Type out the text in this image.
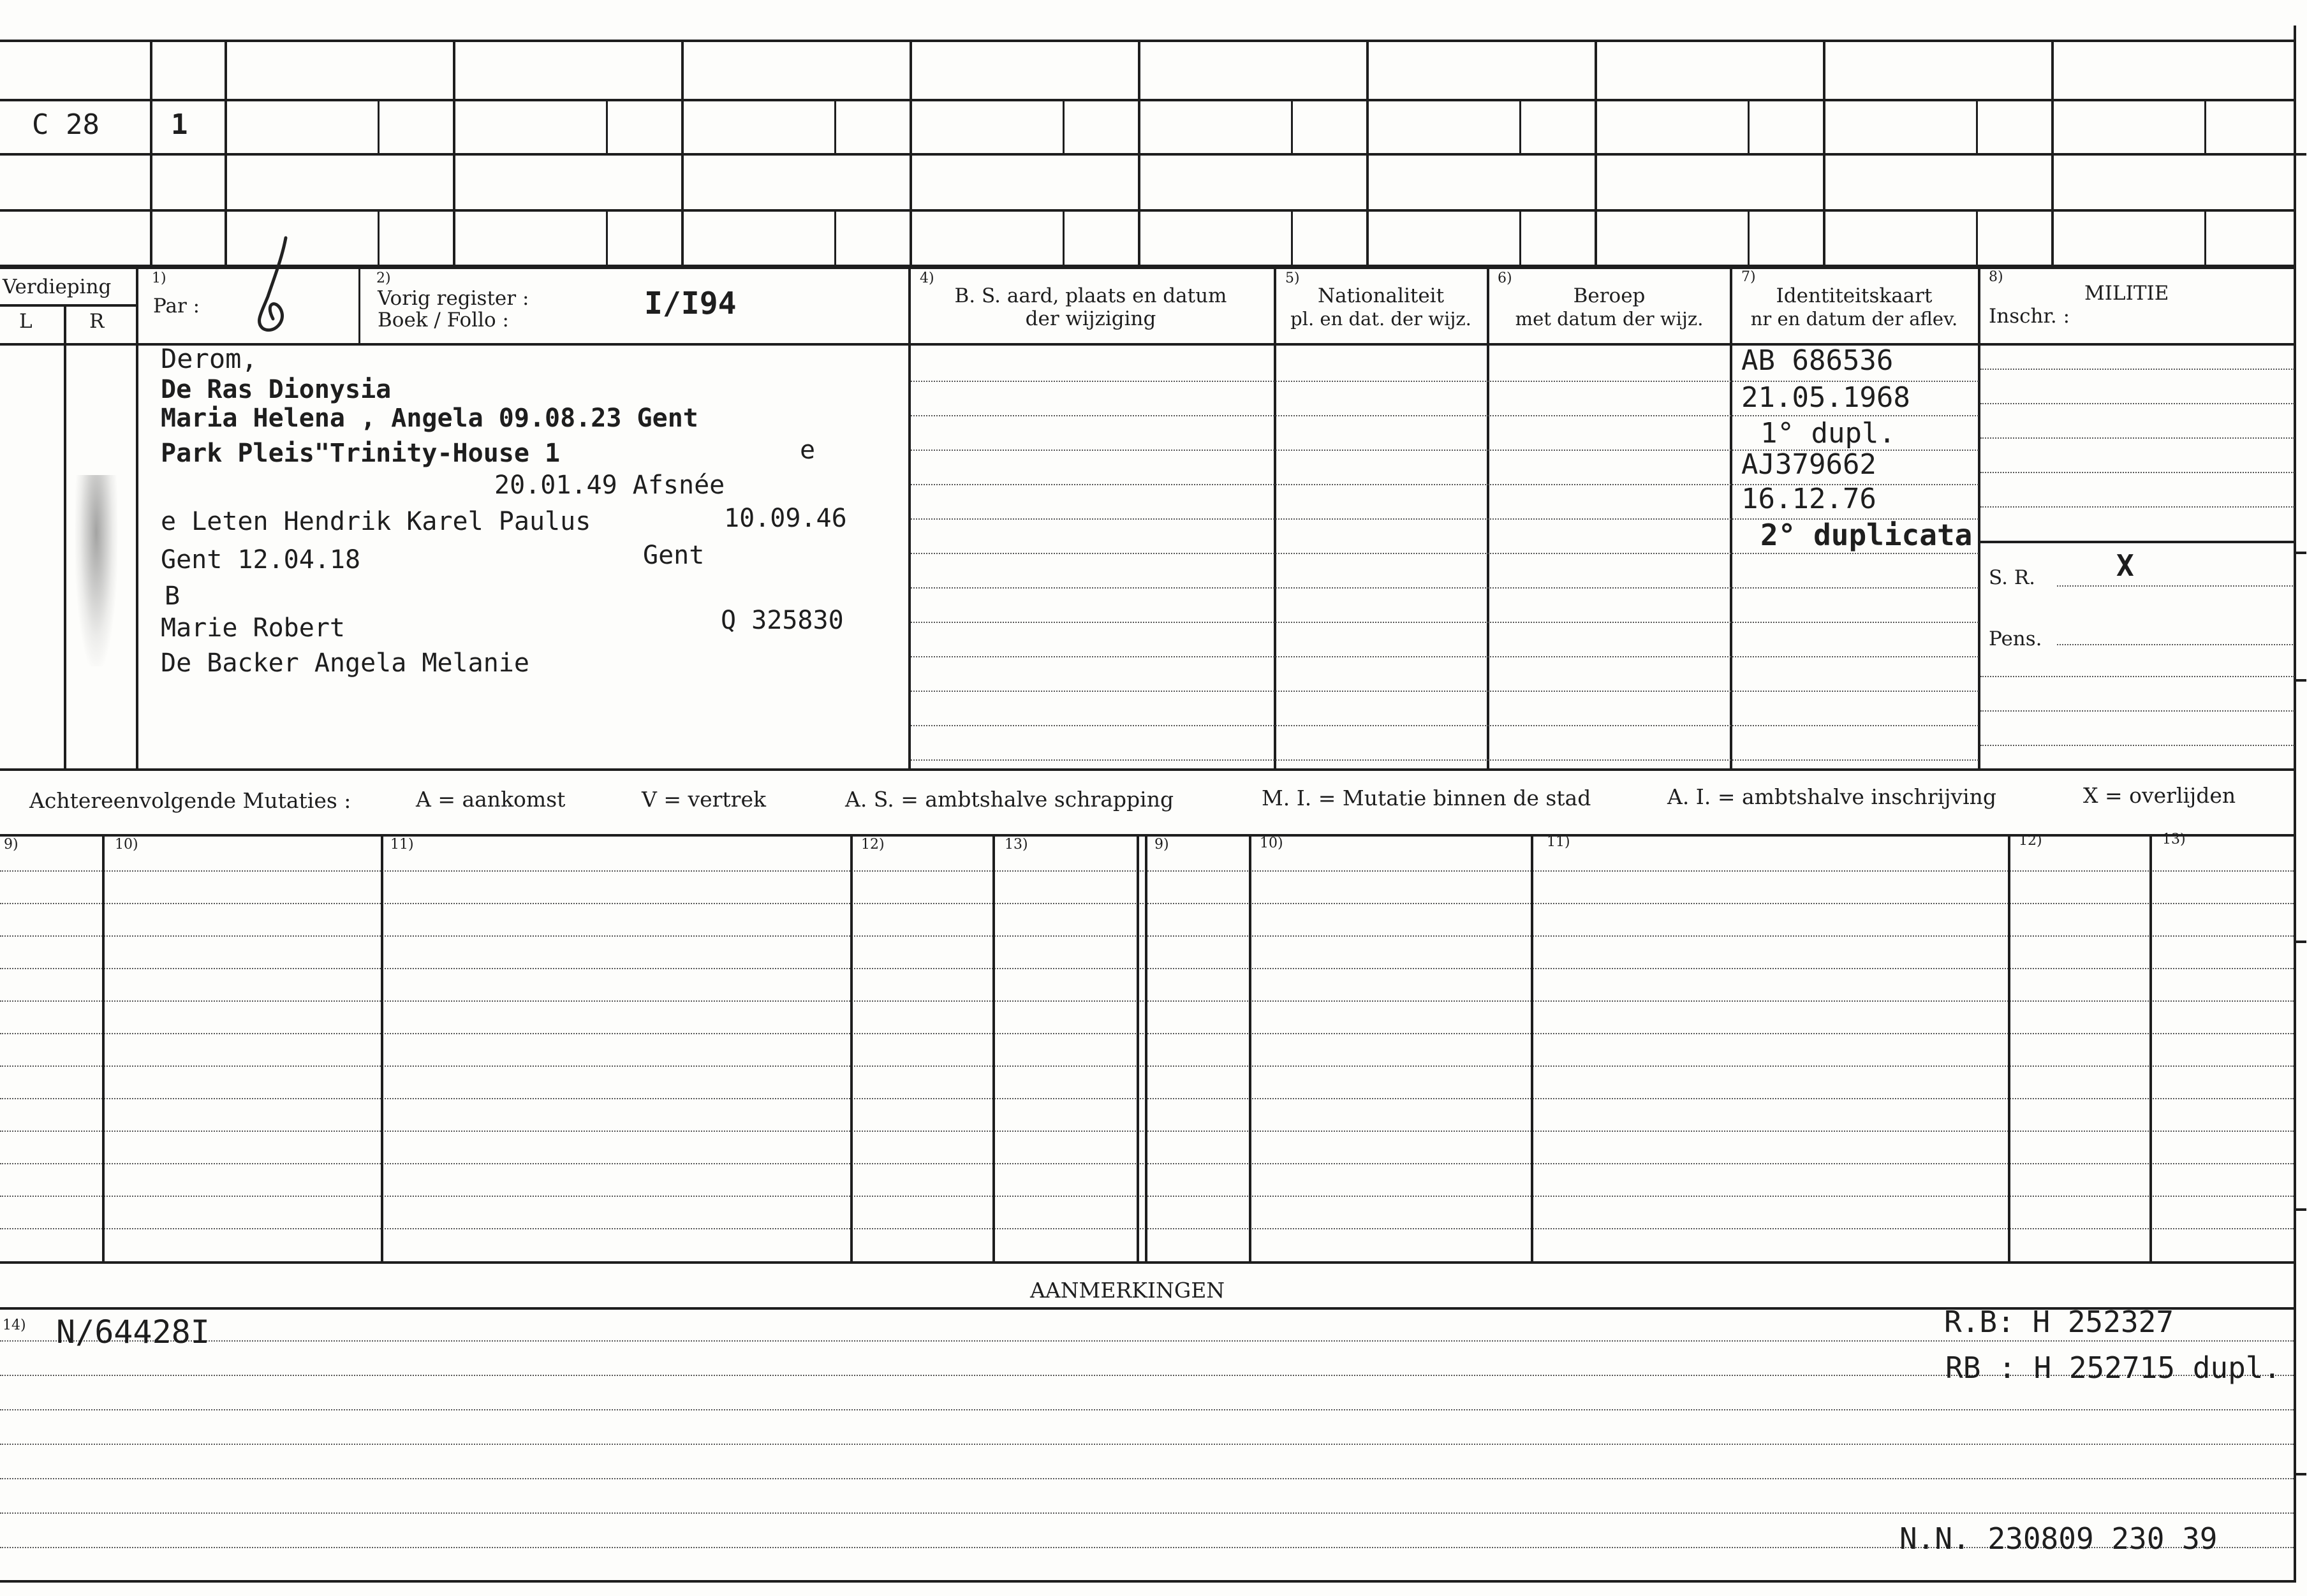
C 28	1
Verdieping
L	R
1)
Par :
2)
Vorig register :
Boek / Follo :	I/I94
4)
B. S. aard, plaats en datum
der wijziging
5)
Nationaliteit
pl. en dat. der wijz.
6)
Beroep
met datum der wijz.
7)
Identiteitskaart
nr en datum der aflev.
8)
MILITIE
Inschr. :
Derom,
De Ras Dionysia
Maria Helena , Angela 09.08.23 Gent
Park Pleis"Trinity-House 1
20.01.49 Afsnée
e Leten Hendrik Karel Paulus	10.09.46
Gent 12.04.18	Gent
B
Marie Robert	Q 325830
De Backer Angela Melanie
e
AB 686536
21.05.1968
1° dupl.
AJ379662
16.12.76
2° duplicata
S. R.	X
Pens.
Achtereenvolgende Mutaties :	A = aankomst	V = vertrek	A. S. = ambtshalve schrapping	M. I. = Mutatie binnen de stad	A. I. = ambtshalve inschrijving	X = overlijden
9)	10)	11)	12)	13)	9)	10)	11)	12)	13)
AANMERKINGEN
14) N/64428I	R.B: H 252327
RB : H 252715 dupl.
N.N. 230809 230 39
